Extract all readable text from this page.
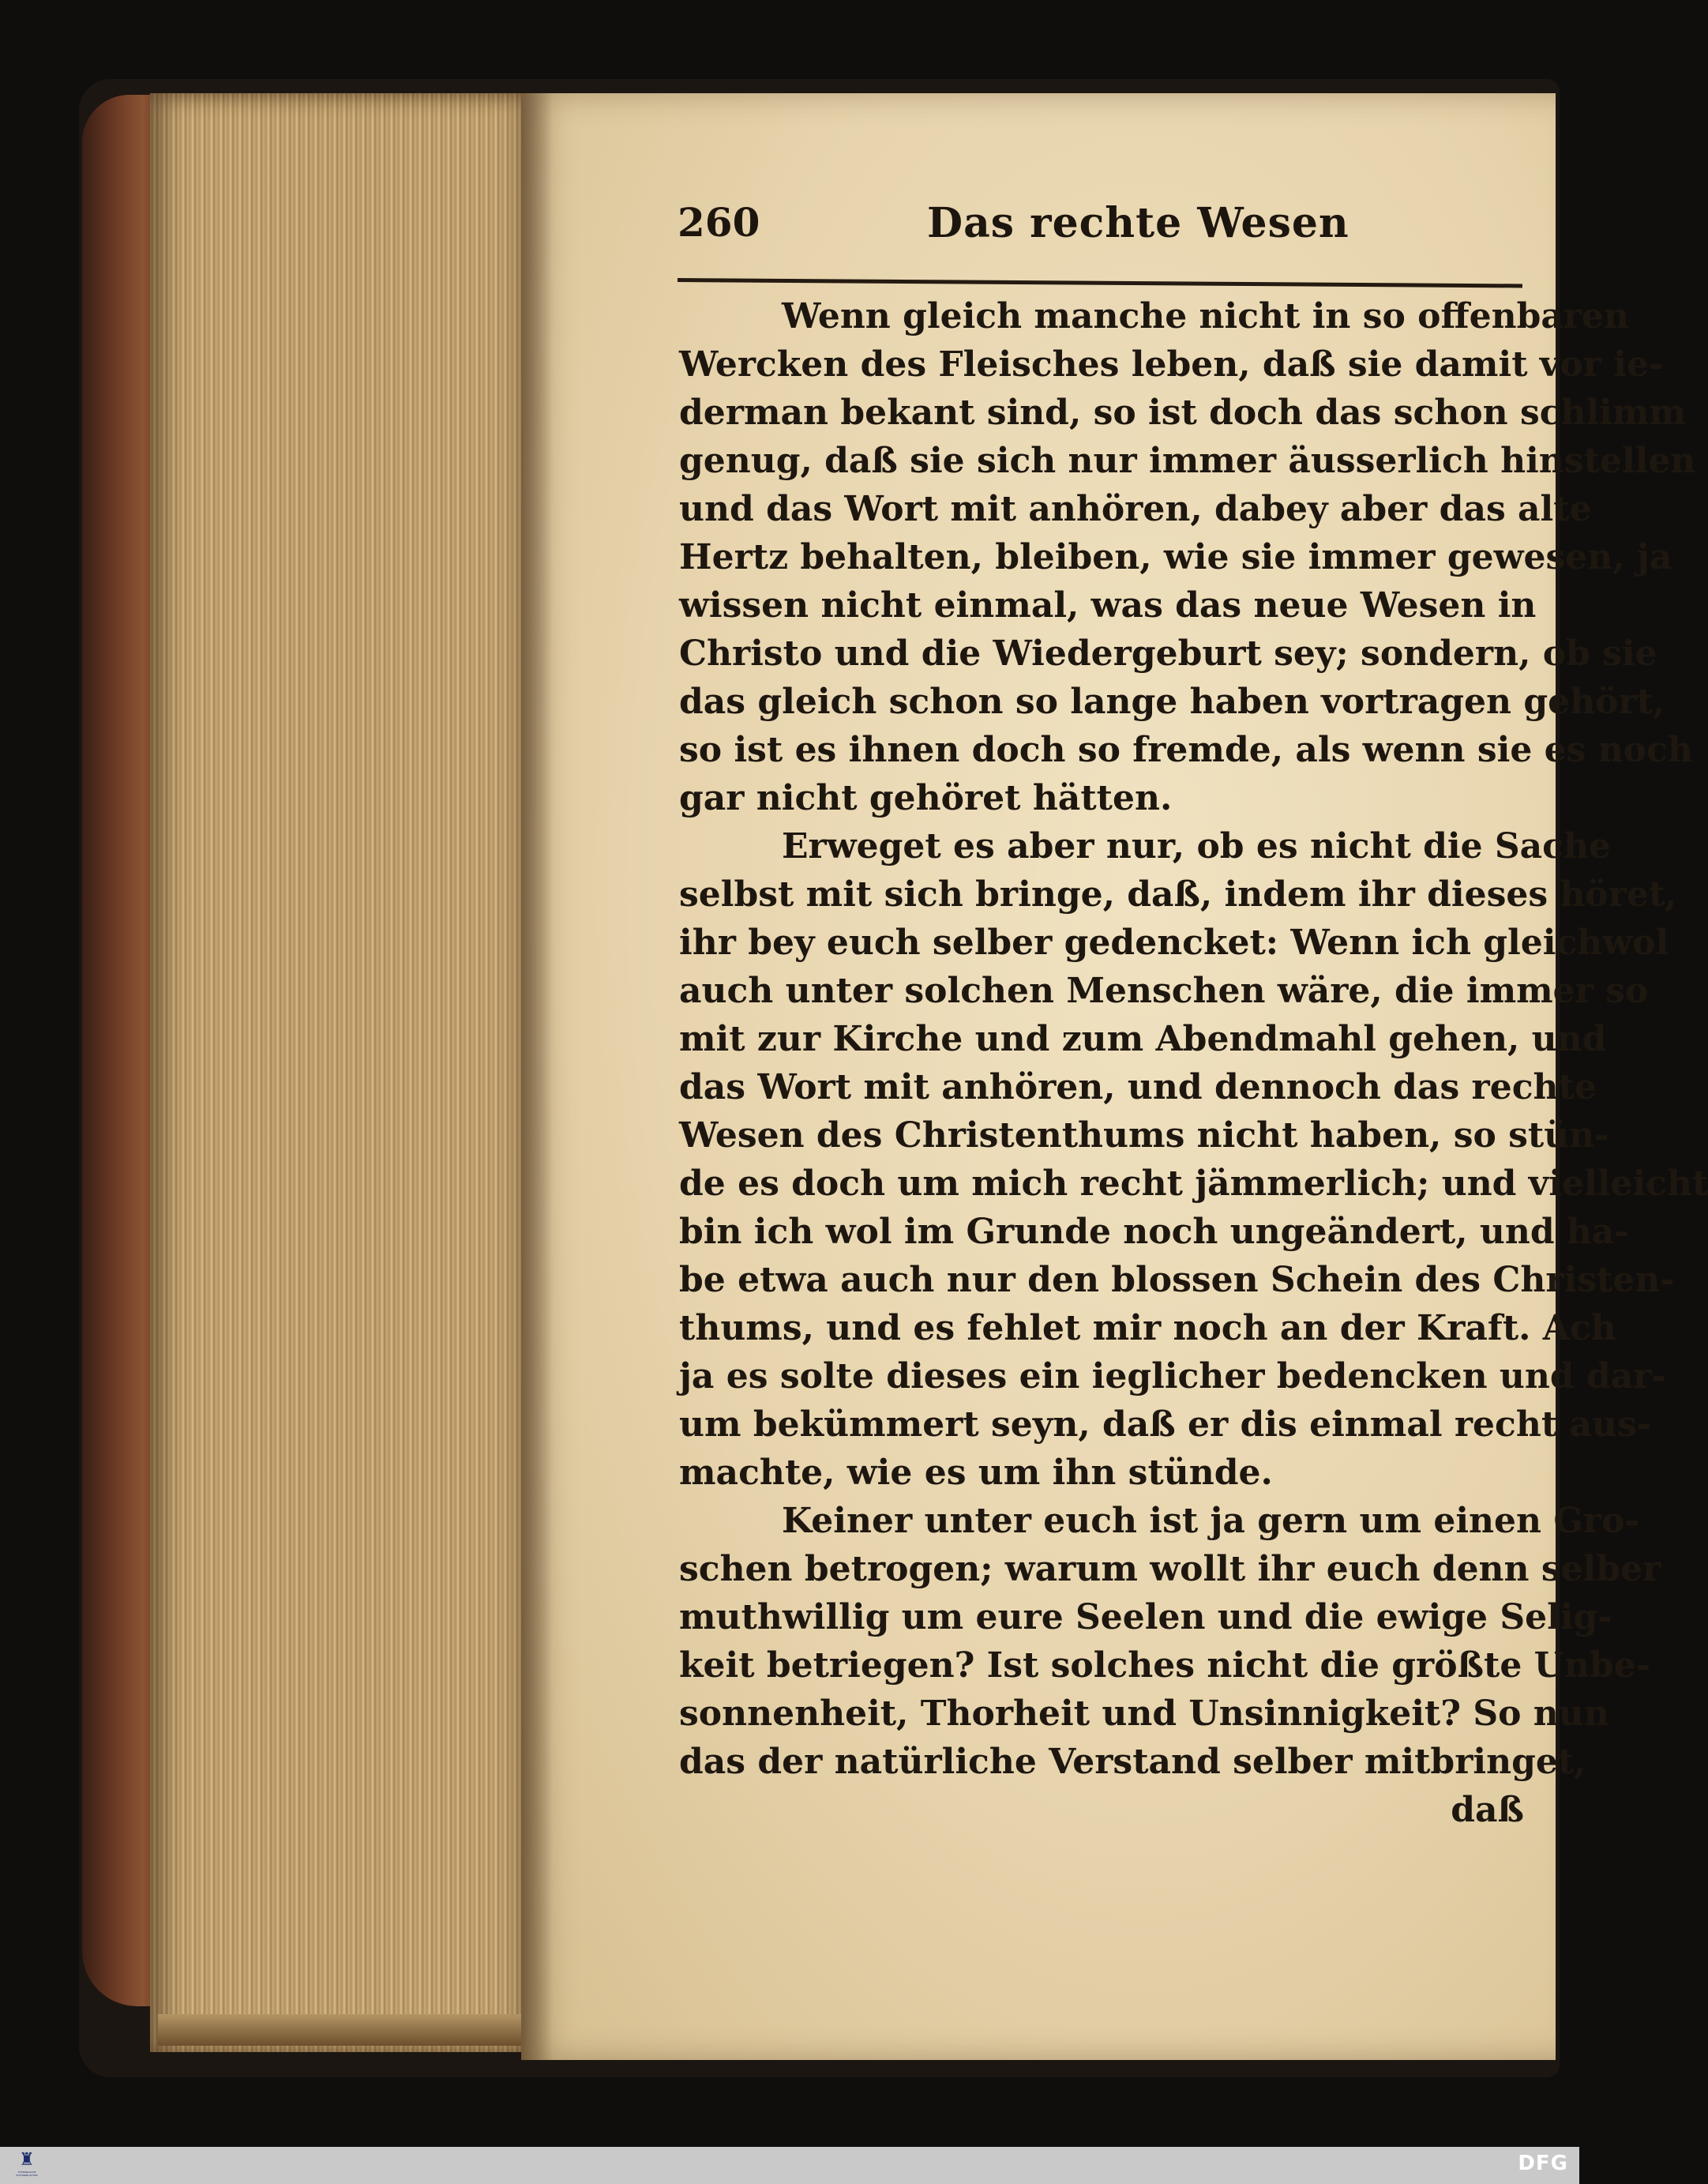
260	Das rechte Wesen
Wenn gleich manche nicht in so offenbaren
Wercken des Fleisches leben, daß sie damit vor ie-
derman bekant sind, so ist doch das schon schlimm
genug, daß sie sich nur immer äusserlich hinstellen
und das Wort mit anhören, dabey aber das alte
Hertz behalten, bleiben, wie sie immer gewesen, ja
wissen nicht einmal, was das neue Wesen in
Christo und die Wiedergeburt sey; sondern, ob sie
das gleich schon so lange haben vortragen gehört,
so ist es ihnen doch so fremde, als wenn sie es noch
gar nicht gehöret hätten.
Erweget es aber nur, ob es nicht die Sache
selbst mit sich bringe, daß, indem ihr dieses höret,
ihr bey euch selber gedencket: Wenn ich gleichwol
auch unter solchen Menschen wäre, die immer so
mit zur Kirche und zum Abendmahl gehen, und
das Wort mit anhören, und dennoch das rechte
Wesen des Christenthums nicht haben, so stün-
de es doch um mich recht jämmerlich; und vielleicht
bin ich wol im Grunde noch ungeändert, und ha-
be etwa auch nur den blossen Schein des Christen-
thums, und es fehlet mir noch an der Kraft. Ach
ja es solte dieses ein ieglicher bedencken und dar-
um bekümmert seyn, daß er dis einmal recht aus-
machte, wie es um ihn stünde.
Keiner unter euch ist ja gern um einen Gro-
schen betrogen; warum wollt ihr euch denn selber
muthwillig um eure Seelen und die ewige Selig-
keit betriegen? Ist solches nicht die größte Unbe-
sonnenheit, Thorheit und Unsinnigkeit? So nun
das der natürliche Verstand selber mitbringet,
daß
♜
THÜRINGISCHE STIFTSBIBLIOTHEK	DFG
